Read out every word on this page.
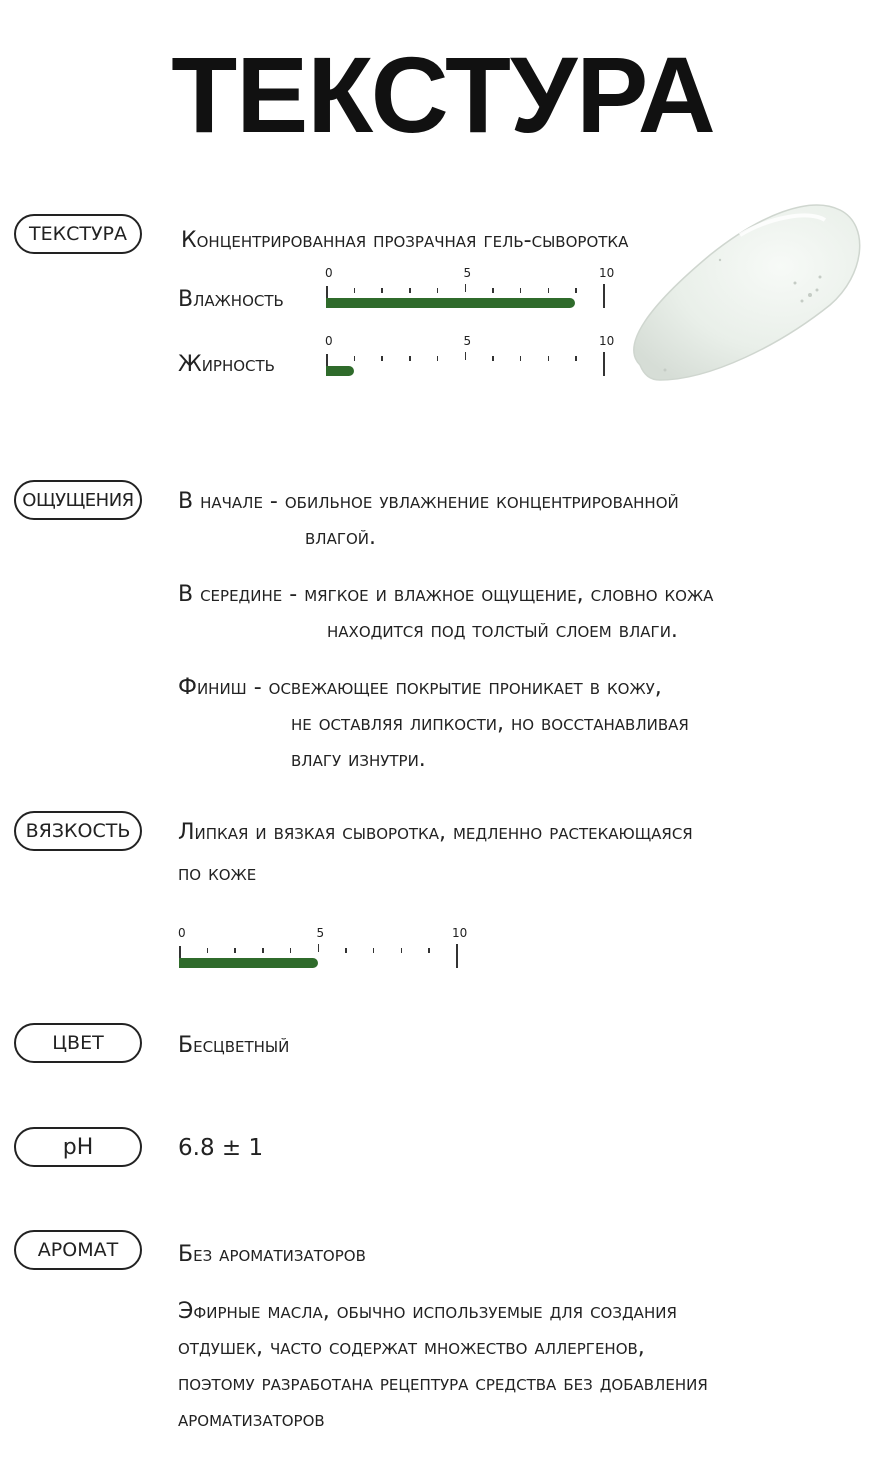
ТЕКСТУРА
ТЕКСТУРА	Концентрированная прозрачная гель-сыворотка
Влажность
0	5	10
Жирность
0	5	10
ОЩУЩЕНИЯ	В начале - обильное увлажнение концентрированной
влагой.
В середине - мягкое и влажное ощущение, словно кожа
находится под толстый слоем влаги.
Финиш - освежающее покрытие проникает в кожу,
не оставляя липкости, но восстанавливая
влагу изнутри.
ВЯЗКОСТЬ	Липкая и вязкая сыворотка, медленно растекающаяся
по коже
0	5	10
ЦВЕТ	Бесцветный
pH	6.8 ± 1
АРОМАТ	Без ароматизаторов
Эфирные масла, обычно используемые для создания
отдушек, часто содержат множество аллергенов,
поэтому разработана рецептура средства без добавления
ароматизаторов
